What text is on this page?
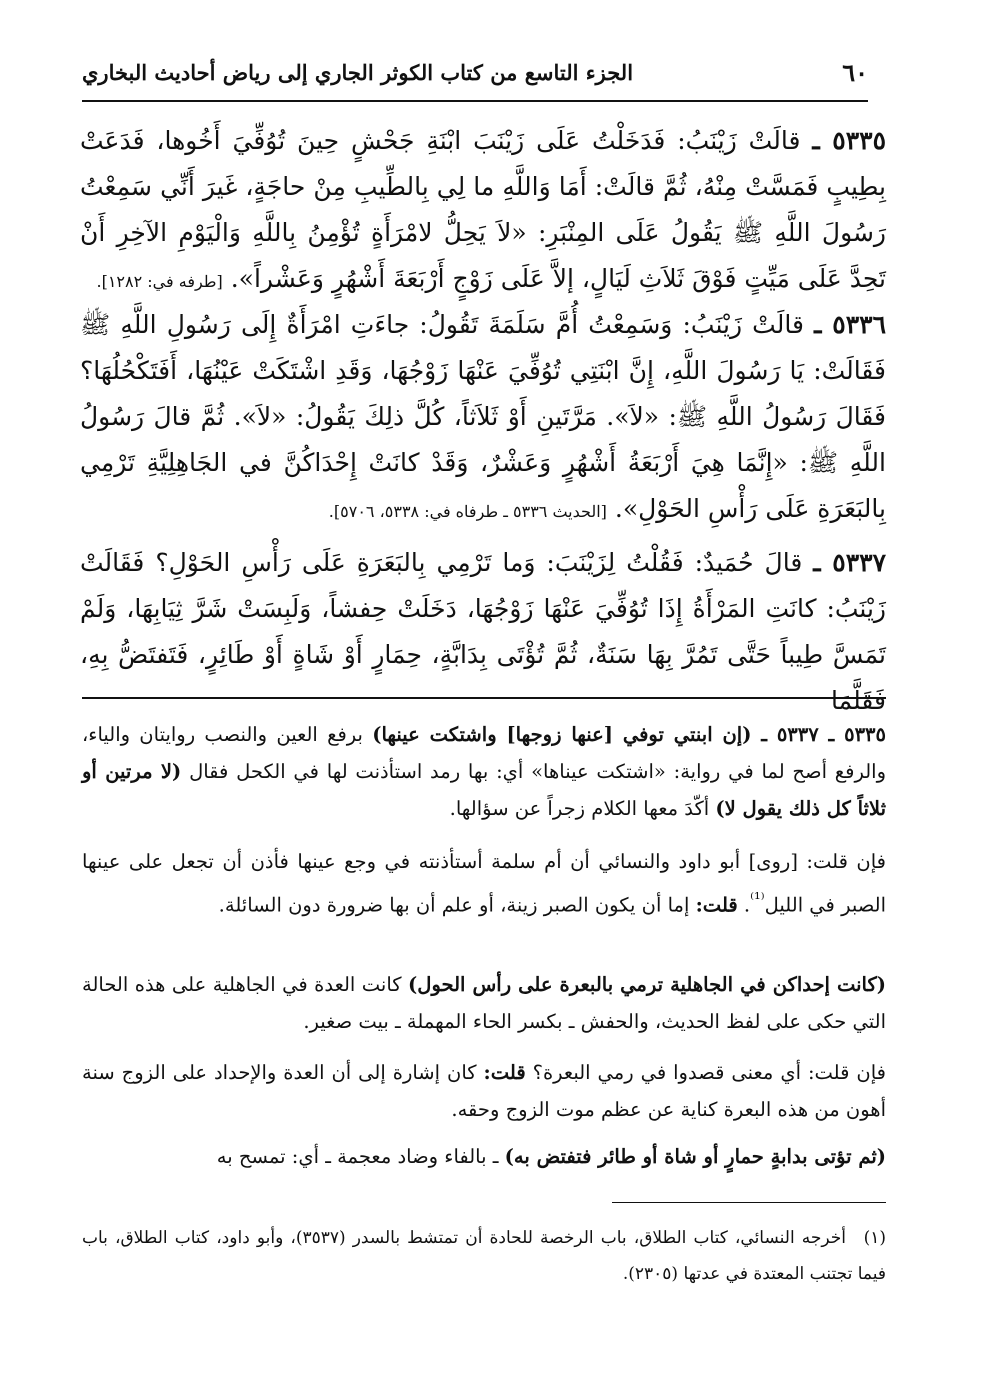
٦٠
الجزء التاسع من كتاب الكوثر الجاري إلى رياض أحاديث البخاري
٥٣٣٥ ـ قالَتْ زَيْنَبُ: فَدَخَلْتُ عَلَى زَيْنَبَ ابْنَةِ جَحْشٍ حِينَ تُوُفِّيَ أَخُوها، فَدَعَتْ بِطِيبٍ فَمَسَّتْ مِنْهُ، ثُمَّ قالَتْ: أَمَا وَاللَّهِ ما لِي بِالطِّيبِ مِنْ حاجَةٍ، غَيرَ أَنِّي سَمِعْتُ رَسُولَ اللَّهِ ﷺ يَقُولُ عَلَى المِنْبَرِ: «لاَ يَحِلُّ لامْرَأَةٍ تُؤْمِنُ بِاللَّهِ وَالْيَوْمِ الآخِرِ أَنْ تَحِدَّ عَلَى مَيِّتٍ فَوْقَ ثَلاَثِ لَيَالٍ، إلاَّ عَلَى زَوْجٍ أَرْبَعَةَ أَشْهُرٍ وَعَشْراً». [طرفه في: ١٢٨٢].
٥٣٣٦ ـ قالَتْ زَيْنَبُ: وَسَمِعْتُ أُمَّ سَلَمَةَ تَقُولُ: جاءَتِ امْرَأَةٌ إِلَى رَسُولِ اللَّهِ ﷺ فَقَالَتْ: يَا رَسُولَ اللَّهِ، إِنَّ ابْنَتِي تُوُفِّيَ عَنْهَا زَوْجُهَا، وَقَدِ اشْتَكَتْ عَيْنُهَا، أَفَتَكْحُلُهَا؟ فَقَالَ رَسُولُ اللَّهِ ﷺ: «لاَ». مَرَّتَينِ أَوْ ثَلاَثاً، كُلَّ ذلِكَ يَقُولُ: «لاَ». ثُمَّ قالَ رَسُولُ اللَّهِ ﷺ: «إِنَّمَا هِيَ أَرْبَعَةُ أَشْهُرٍ وَعَشْرٌ، وَقَدْ كانَتْ إِحْدَاكُنَّ في الجَاهِلِيَّةِ تَرْمِي بِالبَعَرَةِ عَلَى رَأْسِ الحَوْلِ». [الحديث ٥٣٣٦ ـ طرفاه في: ٥٣٣٨، ٥٧٠٦].
٥٣٣٧ ـ قالَ حُمَيدٌ: فَقُلْتُ لِزَيْنَبَ: وَما تَرْمِي بِالبَعَرَةِ عَلَى رَأْسِ الحَوْلِ؟ فَقَالَتْ زَيْنَبُ: كانَتِ المَرْأَةُ إِذَا تُوُفِّيَ عَنْهَا زَوْجُهَا، دَخَلَتْ حِفشاً، وَلَبِسَتْ شَرَّ ثِيَابِهَا، وَلَمْ تَمَسَّ طِيباً حَتَّى تَمُرَّ بِهَا سَنَةٌ، ثُمَّ تُؤْتَى بِدَابَّةٍ، حِمَارٍ أَوْ شَاةٍ أَوْ طَائِرٍ، فَتَفتَضُّ بِهِ، فَقَلَّمَا
٥٣٣٥ ـ ٥٣٣٧ ـ (إن ابنتي توفي [عنها زوجها] واشتكت عينها) برفع العين والنصب روايتان والياء، والرفع أصح لما في رواية: «اشتكت عيناها» أي: بها رمد استأذنت لها في الكحل فقال (لا مرتين أو ثلاثاً كل ذلك يقول لا) أكّدَ معها الكلام زجراً عن سؤالها.
فإن قلت: [روى] أبو داود والنسائي أن أم سلمة أستأذنته في وجع عينها فأذن أن تجعل على عينها الصبر في الليل$^{^{(1)}}$. قلت: إما أن يكون الصبر زينة، أو علم أن بها ضرورة دون السائلة.
(كانت إحداكن في الجاهلية ترمي بالبعرة على رأس الحول) كانت العدة في الجاهلية على هذه الحالة التي حكى على لفظ الحديث، والحفش ـ بكسر الحاء المهملة ـ بيت صغير.
فإن قلت: أي معنى قصدوا في رمي البعرة؟ قلت: كان إشارة إلى أن العدة والإحداد على الزوج سنة أهون من هذه البعرة كناية عن عظم موت الزوج وحقه.
(ثم تؤتى بدابةٍ حمارٍ أو شاة أو طائر فتفتض به) ـ بالفاء وضاد معجمة ـ أي: تمسح به
(١)أخرجه النسائي، كتاب الطلاق، باب الرخصة للحادة أن تمتشط بالسدر (٣٥٣٧)، وأبو داود، كتاب الطلاق، باب فيما تجتنب المعتدة في عدتها (٢٣٠٥).
